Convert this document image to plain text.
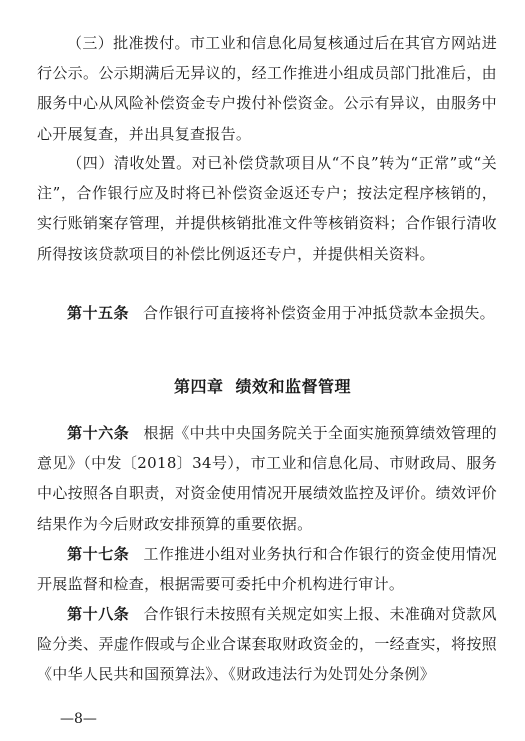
（三）批准拨付。市工业和信息化局复核通过后在其官方网站进行公示。公示期满后无异议的，经工作推进小组成员部门批准后，由服务中心从风险补偿资金专户拨付补偿资金。公示有异议，由服务中心开展复查，并出具复查报告。

（四）清收处置。对已补偿贷款项目从“不良”转为“正常”或“关注”，合作银行应及时将已补偿资金返还专户；按法定程序核销的，实行账销案存管理，并提供核销批准文件等核销资料；合作银行清收所得按该贷款项目的补偿比例返还专户，并提供相关资料。

第十五条 合作银行可直接将补偿资金用于冲抵贷款本金损失。

第四章 绩效和监督管理

第十六条 根据《中共中央国务院关于全面实施预算绩效管理的意见》（中发〔2018〕34号），市工业和信息化局、市财政局、服务中心按照各自职责，对资金使用情况开展绩效监控及评价。绩效评价结果作为今后财政安排预算的重要依据。

第十七条 工作推进小组对业务执行和合作银行的资金使用情况开展监督和检查，根据需要可委托中介机构进行审计。

第十八条 合作银行未按照有关规定如实上报、未准确对贷款风险分类、弄虚作假或与企业合谋套取财政资金的，一经查实，将按照《中华人民共和国预算法》、《财政违法行为处罚处分条例》

—8—
